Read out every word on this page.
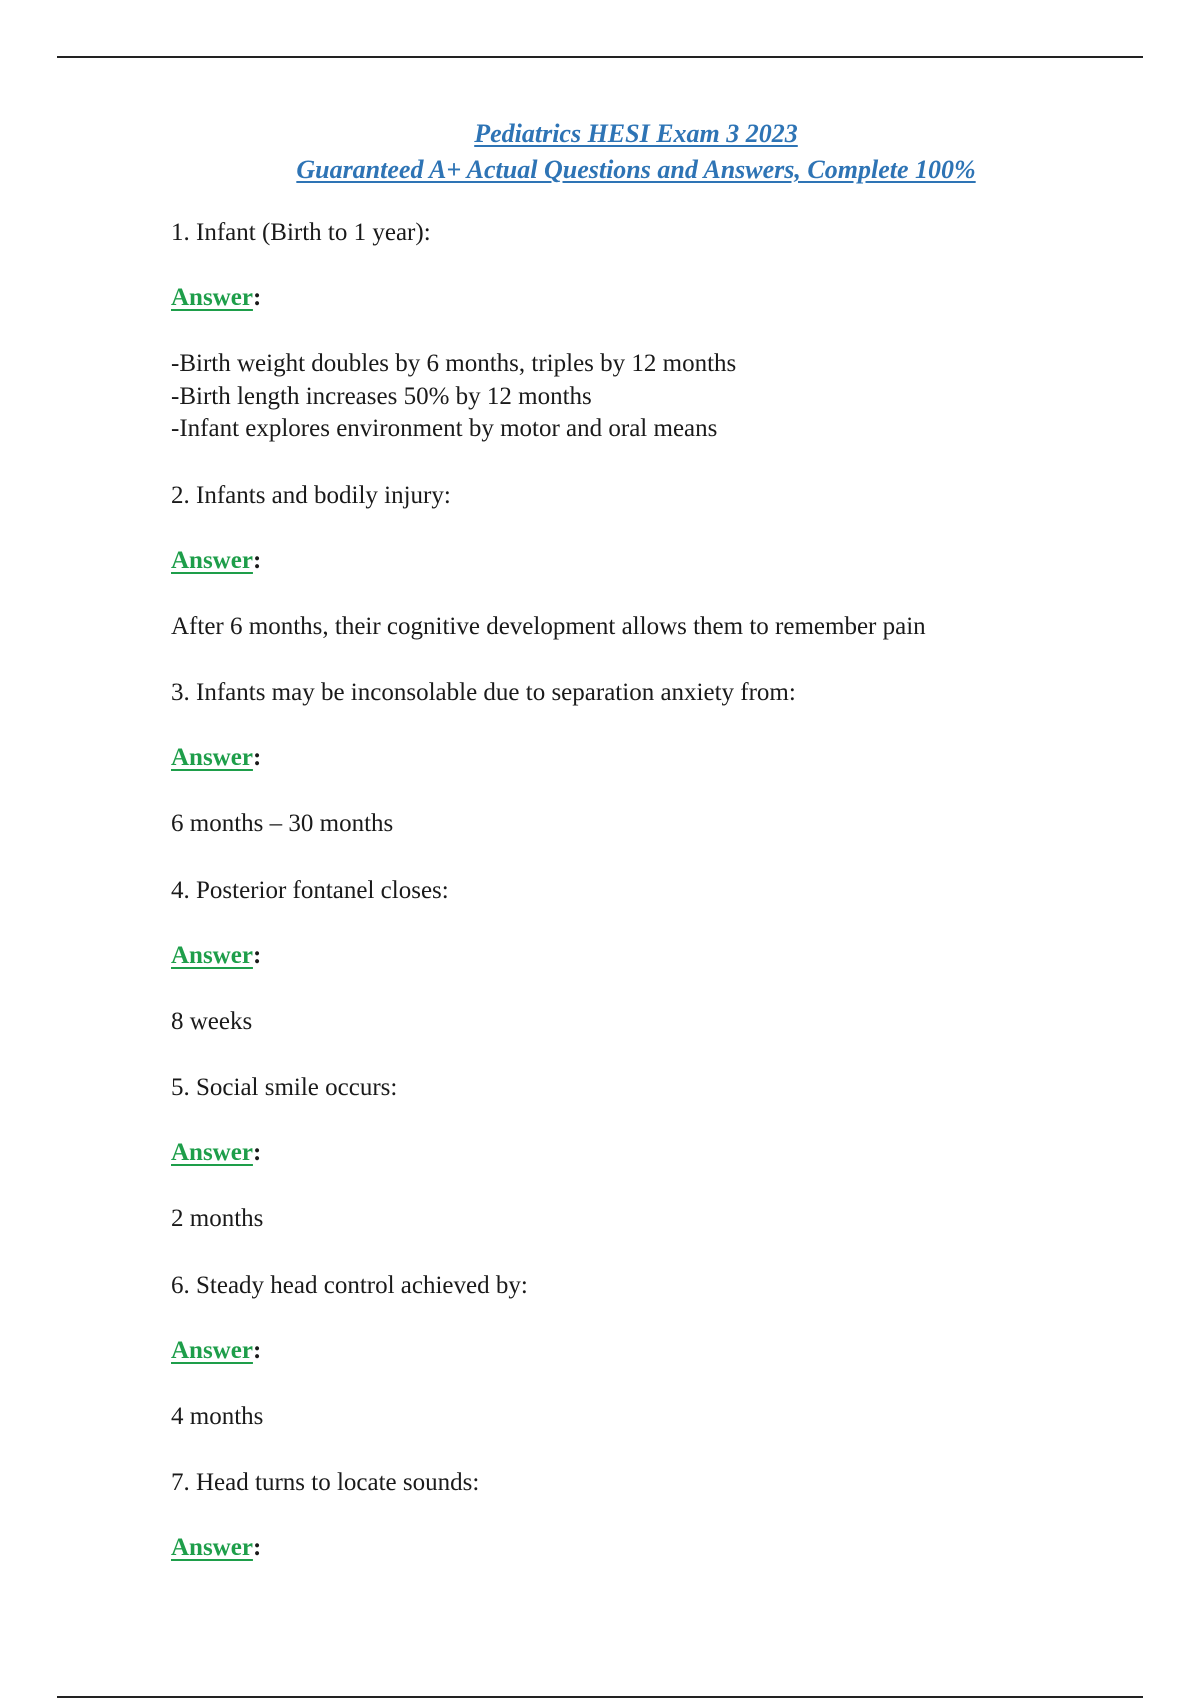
Pediatrics HESI Exam 3 2023
Guaranteed A+ Actual Questions and Answers, Complete 100%

1. Infant (Birth to 1 year):

Answer:

-Birth weight doubles by 6 months, triples by 12 months
-Birth length increases 50% by 12 months
-Infant explores environment by motor and oral means

2. Infants and bodily injury:

Answer:

After 6 months, their cognitive development allows them to remember pain

3. Infants may be inconsolable due to separation anxiety from:

Answer:

6 months – 30 months

4. Posterior fontanel closes:

Answer:

8 weeks

5. Social smile occurs:

Answer:

2 months

6. Steady head control achieved by:

Answer:

4 months

7. Head turns to locate sounds:

Answer:
